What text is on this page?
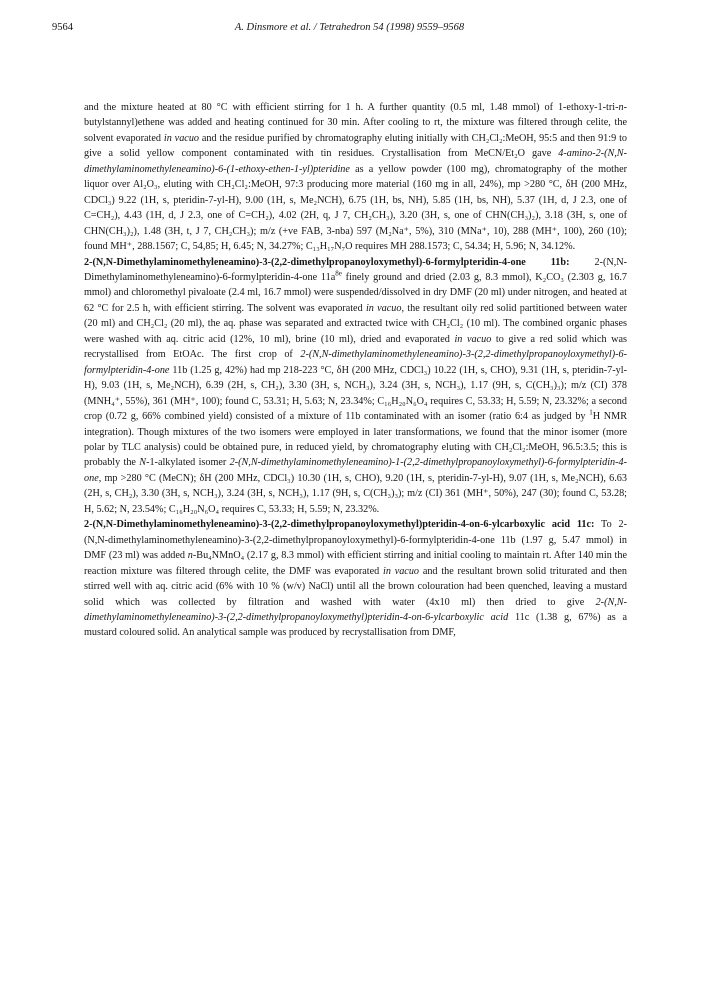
9564	A. Dinsmore et al. / Tetrahedron 54 (1998) 9559–9568

and the mixture heated at 80 °C with efficient stirring for 1 h. A further quantity (0.5 ml, 1.48 mmol) of 1-ethoxy-1-tri-n-butylstannyl)ethene was added and heating continued for 30 min. After cooling to rt, the mixture was filtered through celite, the solvent evaporated in vacuo and the residue purified by chromatography eluting initially with CH₂Cl₂:MeOH, 95:5 and then 91:9 to give a solid yellow component contaminated with tin residues. Crystallisation from MeCN/Et₂O gave 4-amino-2-(N,N-dimethylaminomethyleneamino)-6-(1-ethoxy-ethen-1-yl)pteridine as a yellow powder (100 mg), chromatography of the mother liquor over Al₂O₃, eluting with CH₂Cl₂:MeOH, 97:3 producing more material (160 mg in all, 24%), mp >280 °C, δH (200 MHz, CDCl₃) 9.22 (1H, s, pteridin-7-yl-H), 9.00 (1H, s, Me₂NCH), 6.75 (1H, bs, NH), 5.85 (1H, bs, NH), 5.37 (1H, d, J 2.3, one of C=CH₂), 4.43 (1H, d, J 2.3, one of C=CH₂), 4.02 (2H, q, J 7, CH₂CH₃), 3.20 (3H, s, one of CHN(CH₃)₂), 3.18 (3H, s, one of CHN(CH₃)₂), 1.48 (3H, t, J 7, CH₂CH₃); m/z (+ve FAB, 3-nba) 597 (M₂Na⁺, 5%), 310 (MNa⁺, 10), 288 (MH⁺, 100), 260 (10); found MH⁺, 288.1567; C, 54,85; H, 6.45; N, 34.27%; C₁₃H₁₇N₇O requires MH 288.1573; C, 54.34; H, 5.96; N, 34.12%.

2-(N,N-Dimethylaminomethyleneamino)-3-(2,2-dimethylpropanoyloxymethyl)-6-formylpteridin-4-one 11b: 2-(N,N-Dimethylaminomethyleneamino)-6-formylpteridin-4-one $11a^{8e}$ finely ground and dried (2.03 g, 8.3 mmol), K₂CO₃ (2.303 g, 16.7 mmol) and chloromethyl pivaloate (2.4 ml, 16.7 mmol) were suspended/dissolved in dry DMF (20 ml) under nitrogen, and heated at 62 °C for 2.5 h, with efficient stirring. The solvent was evaporated in vacuo, the resultant oily red solid partitioned between water (20 ml) and CH₂Cl₂ (20 ml), the aq. phase was separated and extracted twice with CH₂Cl₂ (10 ml). The combined organic phases were washed with aq. citric acid (12%, 10 ml), brine (10 ml), dried and evaporated in vacuo to give a red solid which was recrystallised from EtOAc. The first crop of 2-(N,N-dimethylaminomethyleneamino)-3-(2,2-dimethylpropanoyloxymethyl)-6-formylpteridin-4-one 11b (1.25 g, 42%) had mp 218-223 °C, δH (200 MHz, CDCl₃) 10.22 (1H, s, CHO), 9.31 (1H, s, pteridin-7-yl-H), 9.03 (1H, s, Me₂NCH), 6.39 (2H, s, CH₂), 3.30 (3H, s, NCH₃), 3.24 (3H, s, NCH₃), 1.17 (9H, s, C(CH₃)₃); m/z (CI) 378 (MNH₄⁺, 55%), 361 (MH⁺, 100); found C, 53.31; H, 5.63; N, 23.34%; C₁₆H₂₀N₆O₄ requires C, 53.33; H, 5.59; N, 23.32%; a second crop (0.72 g, 66% combined yield) consisted of a mixture of 11b contaminated with an isomer (ratio 6:4 as judged by $^1$H NMR integration). Though mixtures of the two isomers were employed in later transformations, we found that the minor isomer (more polar by TLC analysis) could be obtained pure, in reduced yield, by chromatography eluting with CH₂Cl₂:MeOH, 96.5:3.5; this is probably the N-1-alkylated isomer 2-(N,N-dimethylaminomethyleneamino)-1-(2,2-dimethylpropanoyloxymethyl)-6-formylpteridin-4-one, mp >280 °C (MeCN); δH (200 MHz, CDCl₃) 10.30 (1H, s, CHO), 9.20 (1H, s, pteridin-7-yl-H), 9.07 (1H, s, Me₂NCH), 6.63 (2H, s, CH₂), 3.30 (3H, s, NCH₃), 3.24 (3H, s, NCH₃), 1.17 (9H, s, C(CH₃)₃); m/z (CI) 361 (MH⁺, 50%), 247 (30); found C, 53.28; H, 5.62; N, 23.54%; C₁₆H₂₀N₆O₄ requires C, 53.33; H, 5.59; N, 23.32%.

2-(N,N-Dimethylaminomethyleneamino)-3-(2,2-dimethylpropanoyloxymethyl)pteridin-4-on-6-ylcarboxylic acid 11c: To 2-(N,N-dimethylaminomethyleneamino)-3-(2,2-dimethylpropanoyloxymethyl)-6-formylpteridin-4-one 11b (1.97 g, 5.47 mmol) in DMF (23 ml) was added n-Bu₄NMnO₄ (2.17 g, 8.3 mmol) with efficient stirring and initial cooling to maintain rt. After 140 min the reaction mixture was filtered through celite, the DMF was evaporated in vacuo and the resultant brown solid triturated and then stirred well with aq. citric acid (6% with 10 % (w/v) NaCl) until all the brown colouration had been quenched, leaving a mustard solid which was collected by filtration and washed with water (4x10 ml) then dried to give 2-(N,N-dimethylaminomethyleneamino)-3-(2,2-dimethylpropanoyloxymethyl)pteridin-4-on-6-ylcarboxylic acid 11c (1.38 g, 67%) as a mustard coloured solid. An analytical sample was produced by recrystallisation from DMF,
